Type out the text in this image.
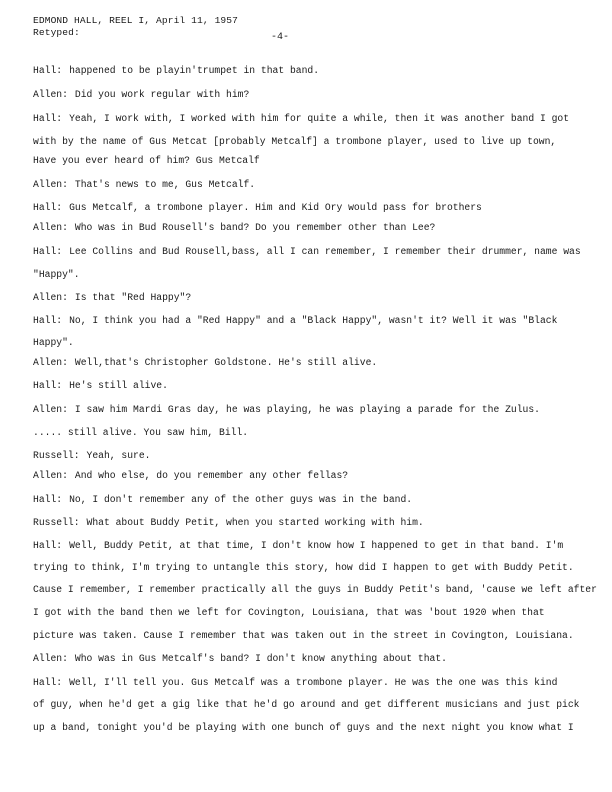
EDMOND HALL, REEL I, April 11, 1957
Retyped:	-4-
Hall: happened to be playin'trumpet in that band.
Allen: Did you work regular with him?
Hall: Yeah, I work with, I worked with him for quite a while, then it was another band I got
with by the name of Gus Metcat [probably Metcalf] a trombone player, used to live up town,
Have you ever heard of him? Gus Metcalf
Allen: That's news to me, Gus Metcalf.
Hall: Gus Metcalf, a trombone player. Him and Kid Ory would pass for brothers
Allen: Who was in Bud Rousell's band? Do you remember other than Lee?
Hall: Lee Collins and Bud Rousell,bass, all I can remember, I remember their drummer, name was
"Happy".
Allen: Is that "Red Happy"?
Hall: No, I think you had a "Red Happy" and a "Black Happy", wasn't it? Well it was "Black
Happy".
Allen: Well,that's Christopher Goldstone. He's still alive.
Hall: He's still alive.
Allen: I saw him Mardi Gras day, he was playing, he was playing a parade for the Zulus.
..... still alive. You saw him, Bill.
Russell: Yeah, sure.
Allen: And who else, do you remember any other fellas?
Hall: No, I don't remember any of the other guys was in the band.
Russell: What about Buddy Petit, when you started working with him.
Hall: Well, Buddy Petit, at that time, I don't know how I happened to get in that band. I'm
trying to think, I'm trying to untangle this story, how did I happen to get with Buddy Petit.
Cause I remember, I remember practically all the guys in Buddy Petit's band, 'cause we left after
I got with the band then we left for Covington, Louisiana, that was 'bout 1920 when that
picture was taken. Cause I remember that was taken out in the street in Covington, Louisiana.
Allen: Who was in Gus Metcalf's band? I don't know anything about that.
Hall: Well, I'll tell you. Gus Metcalf was a trombone player. He was the one was this kind
of guy, when he'd get a gig like that he'd go around and get different musicians and just pick
up a band, tonight you'd be playing with one bunch of guys and the next night you know what I
